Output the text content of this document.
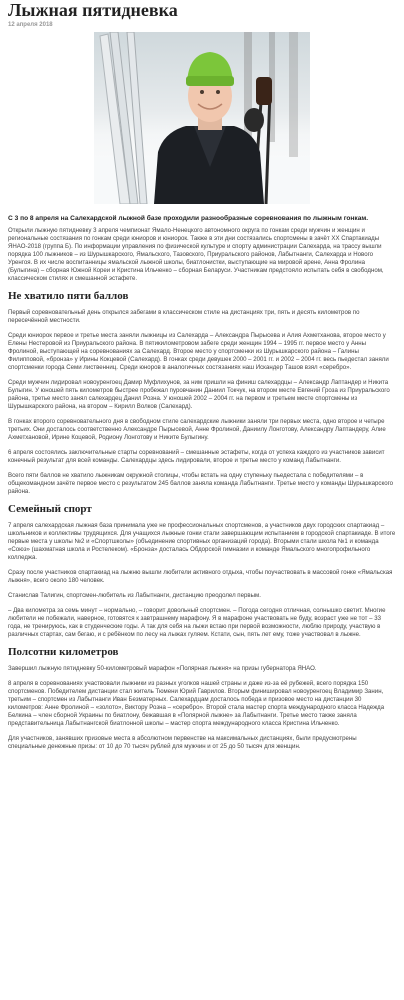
Лыжная пятидневка
12 апреля 2018
С 3 по 8 апреля на Салехардской лыжной базе проходили разнообразные соревнования по лыжным гонкам.

Открыли лыжную пятидневку 3 апреля чемпионат Ямало-Ненецкого автономного округа по гонкам среди мужчин и женщин и региональные состязания по гонкам среди юниоров и юниорок. Также в эти дни состязались спортсмены в зачёт XX Спартакиады ЯНАО-2018 (группа Б). По информации управления по физической культуре и спорту администрации Салехарда, на трассу вышли порядка 100 лыжников – из Шурышкарского, Ямальского, Тазовского, Приуральского районов, Лабытнанги, Салехарда и Нового Уренгоя. В их числе воспитанницы ямальской лыжной школы, биатлонистки, выступающие на мировой арене, Анна Фролина (Булыгина) – сборная Южной Кореи и Кристина Ильченко – сборная Беларуси. Участникам предстояло испытать себя в свободном, классическом стилях и смешанной эстафете.

Не хватило пяти баллов

Первый соревновательный день открылся забегами в классическом стиле на дистанциях три, пять и десять километров по пересечённой местности.

Среди юниорок первое и третье места заняли лыжницы из Салехарда – Александра Пырысева и Алия Ахметханова, второе место у Елены Нестеровой из Приуральского района. В пятикилометровом забеге среди женщин 1994 – 1995 гг. первое место у Анны Фролиной, выступающей на соревнованиях за Салехард. Второе место у спортсменки из Шурышкарского района – Галины Филипповой, «бронза» у Ирины Кокцевой (Салехард). В гонках среди девушек 2000 – 2001 гг. и 2002 – 2004 гг. весь пьедестал заняли спортсменки города Семи лиственниц. Среди юноров в аналогичных состязаниях наш Искандер Ташов взял «серебро».

Среди мужчин лидировал новоуренгоец Дамир Муфлихунов, за ним пришли на финиш салехардцы – Александр Лаптандер и Никита Булыгин. У юношей пять километров быстрее пробежал пуровчанин Даниил Токчук, на втором месте Евгений Гроза из Приуральского района, третье место занял салехардец Данил Розна. У юношей 2002 – 2004 гг. на первом и третьем месте спортсмены из Шурышкарского района, на втором – Кирилл Волков (Салехард).

В гонках второго соревновательного дня в свободном стиле салехардские лыжники заняли три первых места, одно второе и четыре третьих. Они досталось соответственно Александре Пырысевой, Анне Фролиной, Даниилу Лонготову, Александру Лаптандеру, Алие Ахметхановой, Ирине Коцевой, Родиону Лонготову и Никите Булыгину.

6 апреля состоялись заключительные старты соревнований – смешанные эстафеты, когда от успеха каждого из участников зависит конечный результат для всей команды. Салехардцы здесь лидировали, второе и третье место у команд Лабытнанги.

Всего пяти баллов не хватило лыжникам окружной столицы, чтобы встать на одну ступеньку пьедестала с победителями – в общекомандном зачёте первое место с результатом 245 баллов заняла команда Лабытнанги. Третье место у команды Шурышкарского района.

Семейный спорт

7 апреля салехардская лыжная база принимала уже не профессиональных спортсменов, а участников двух городских спартакиад – школьников и коллективы трудящихся. Для учащихся лыжные гонки стали завершающим испытанием в городской спартакиаде. В итоге первые места у школы №2 и «Спортшколы» (объединение спортивных организаций города). Вторыми стали школа №1 и команда «Союз» (шахматная школа и Ростелеком). «Бронза» досталась Обдорской гимназии и команде Ямальского многопрофильного колледжа.

Сразу после участников спартакиад на лыжню вышли любители активного отдыха, чтобы поучаствовать в массовой гонке «Ямальская лыжня», всего около 180 человек.

Станислав Талигин, спортсмен-любитель из Лабытнанги, дистанцию преодолел первым.

– Два километра за семь минут – нормально, – говорит довольный спортсмен. – Погода сегодня отличная, солнышко светит. Многие любители не побежали, наверное, готовятся к завтрашнему марафону. Я в марафоне участвовать не буду, возраст уже не тот – 33 года, не тренируюсь, как в студенческие годы. А так для себя на лыжи встаю при первой возможности, люблю природу, участвую в различных стартах, сам бегаю, и с ребёнком по лесу на лыжах гуляем. Кстати, сын, пять лет ему, тоже участвовал в лыжне.

Полсотни километров

Завершил лыжную пятидневку 50-километровый марафон «Полярная лыжня» на призы губернатора ЯНАО.

8 апреля в соревнованиях участвовали лыжники из разных уголков нашей страны и даже из-за её рубежей, всего порядка 150 спортсменов. Победителем дистанции стал житель Тюмени Юрий Гаврилов. Вторым финишировал новоуренгоец Владимир Занин, третьим – спортсмен из Лабытнанги Иван Безматерных. Салехардцам досталось победа и призовое место на дистанции 30 километров: Анне Фролиной – «золото», Виктору Розна – «серебро». Второй стала мастер спорта международного класса Надежда Белкина – член сборной Украины по биатлону, бежавшая в «Полярной лыжне» за Лабытнанги. Третье место также заняла представительница Лабытнангской биатлонной школы – мастер спорта международного класса Кристина Ильченко.

Для участников, занявших призовые места в абсолютном первенстве на максимальных дистанциях, были предусмотрены специальные денежные призы: от 10 до 70 тысяч рублей для мужчин и от 25 до 50 тысяч для женщин.
